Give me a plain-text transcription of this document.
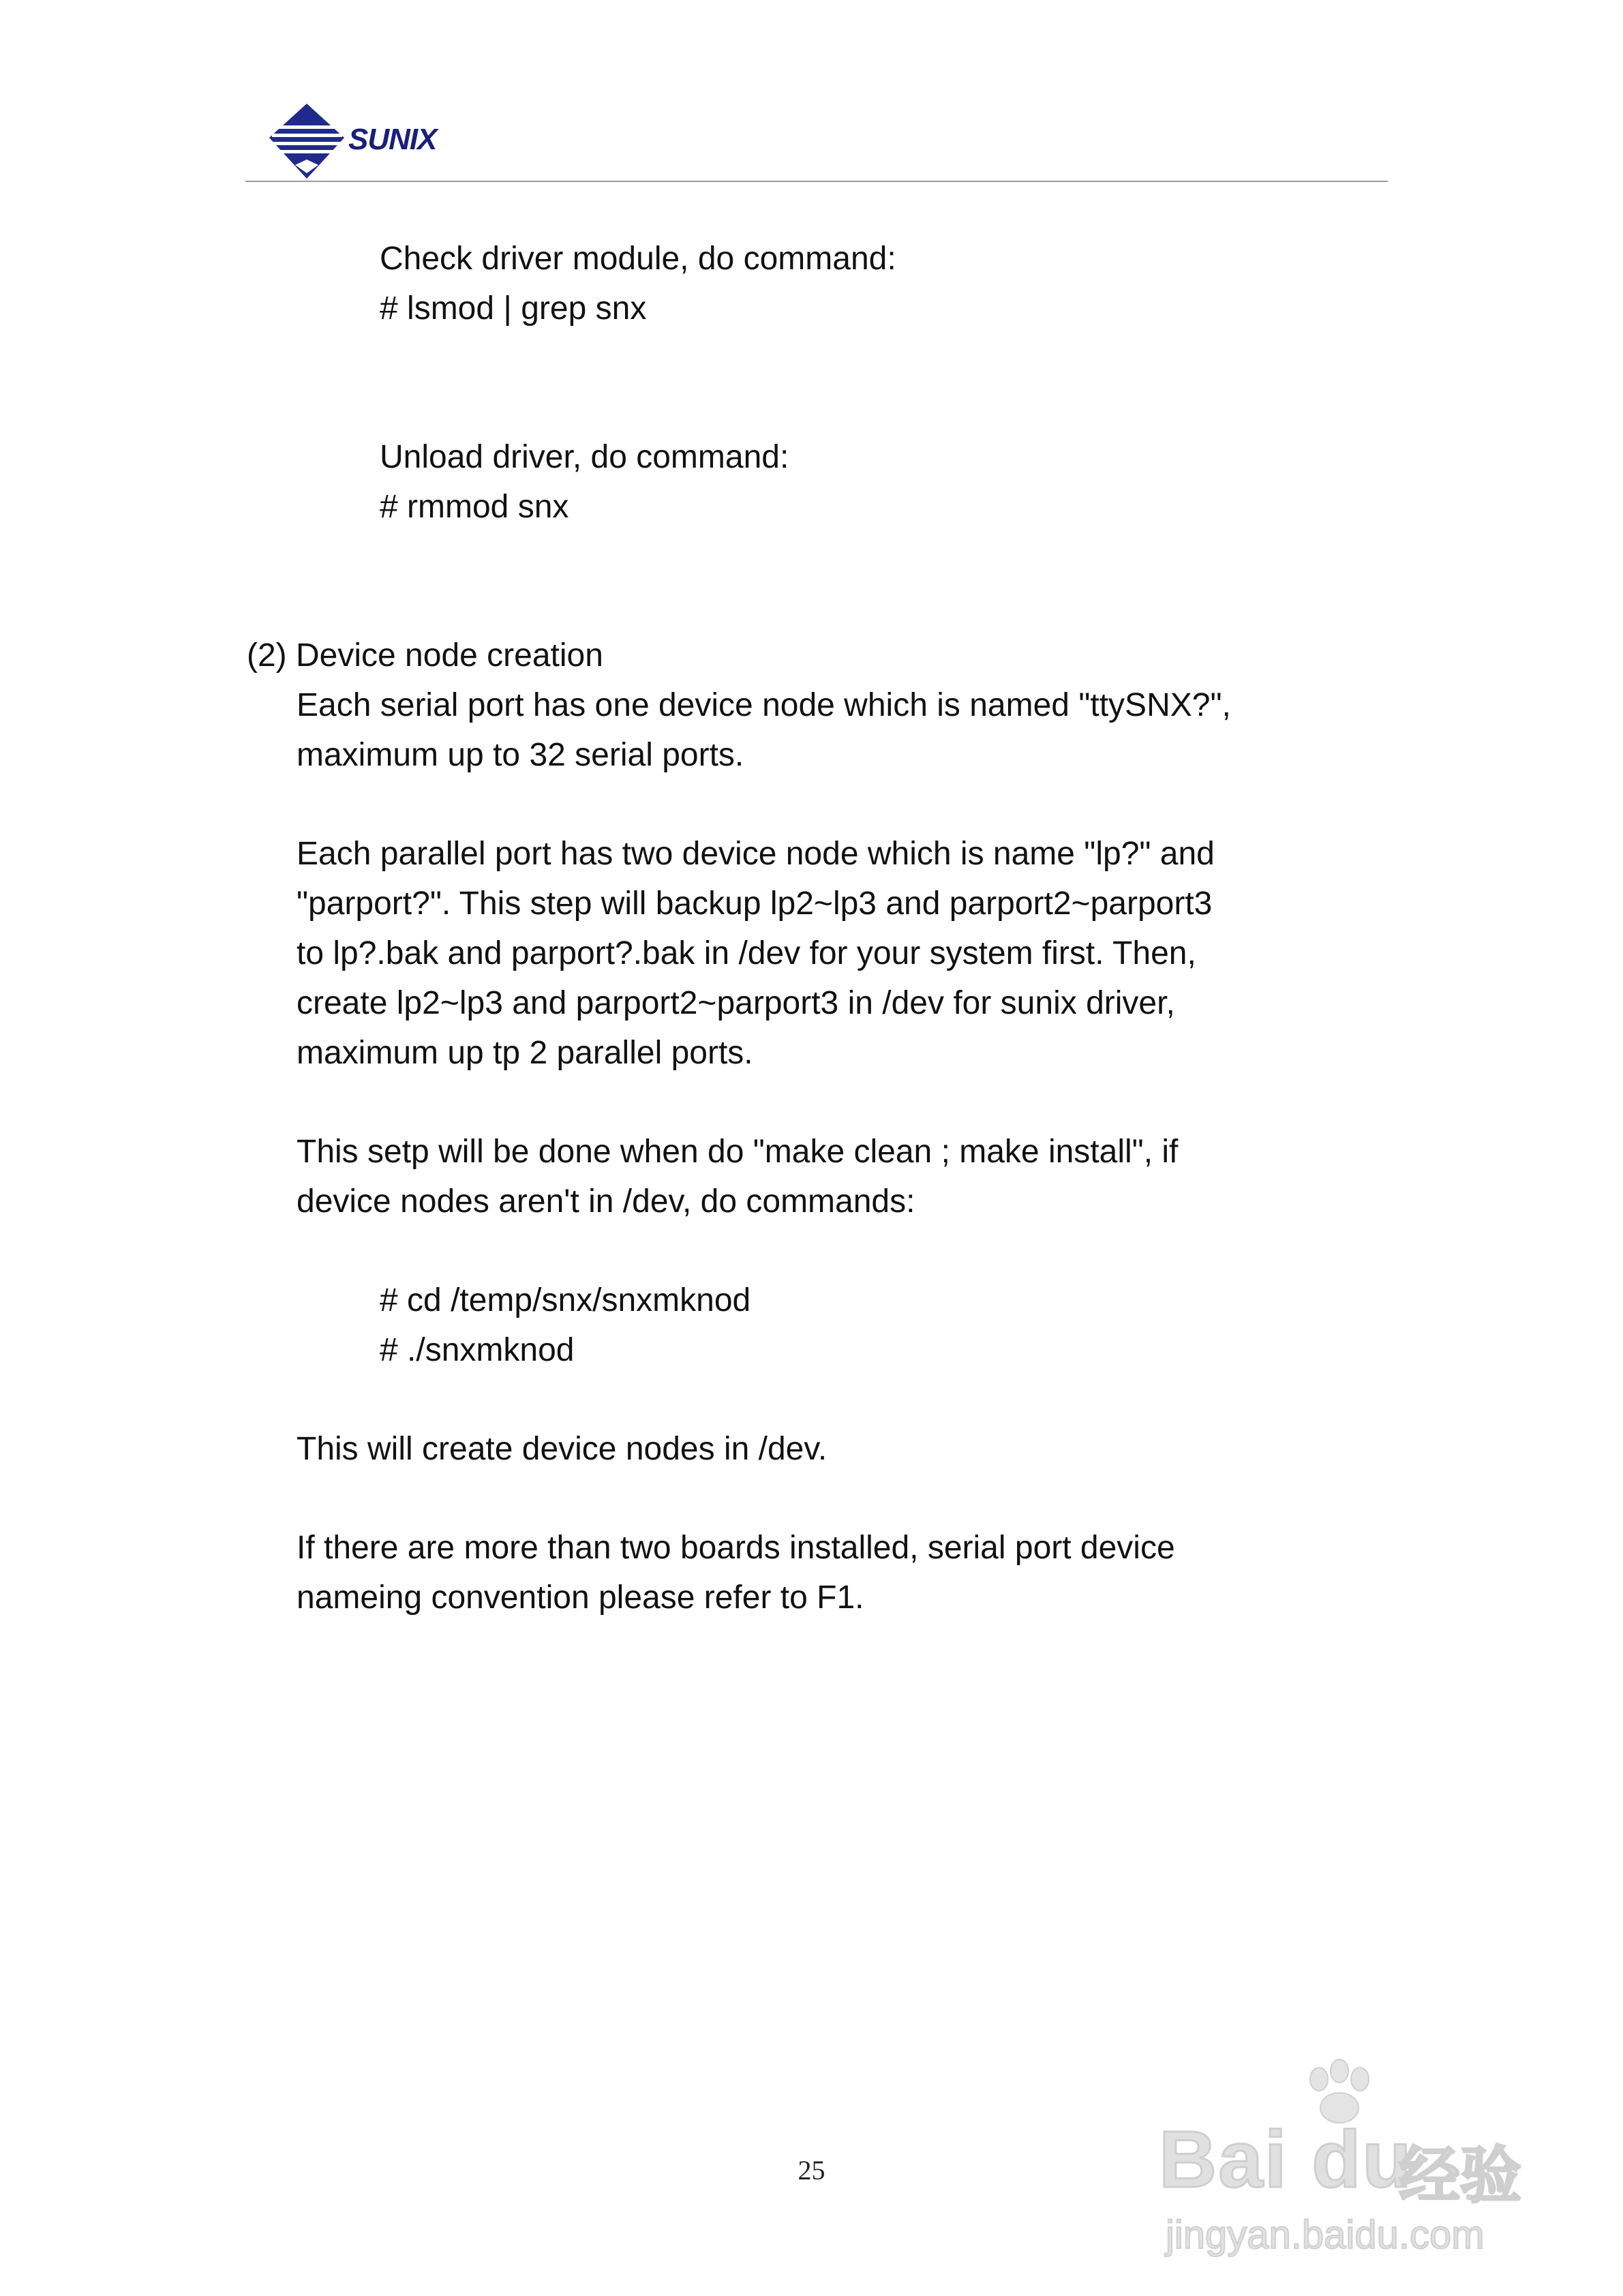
SUNIX
Check driver module, do command:
# lsmod | grep snx
Unload driver, do command:
# rmmod snx
(2) Device node creation
Each serial port has one device node which is named "ttySNX?",
maximum up to 32 serial ports.
Each parallel port has two device node which is name "lp?" and
"parport?". This step will backup lp2~lp3 and parport2~parport3
to lp?.bak and parport?.bak in /dev for your system first. Then,
create lp2~lp3 and parport2~parport3 in /dev for sunix driver,
maximum up tp 2 parallel ports.
This setp will be done when do "make clean ; make install", if
device nodes aren't in /dev, do commands:
# cd /temp/snx/snxmknod
# ./snxmknod
This will create device nodes in /dev.
If there are more than two boards installed, serial port device
nameing convention please refer to F1.
25	Bai du
经验
jingyan.baidu.com
